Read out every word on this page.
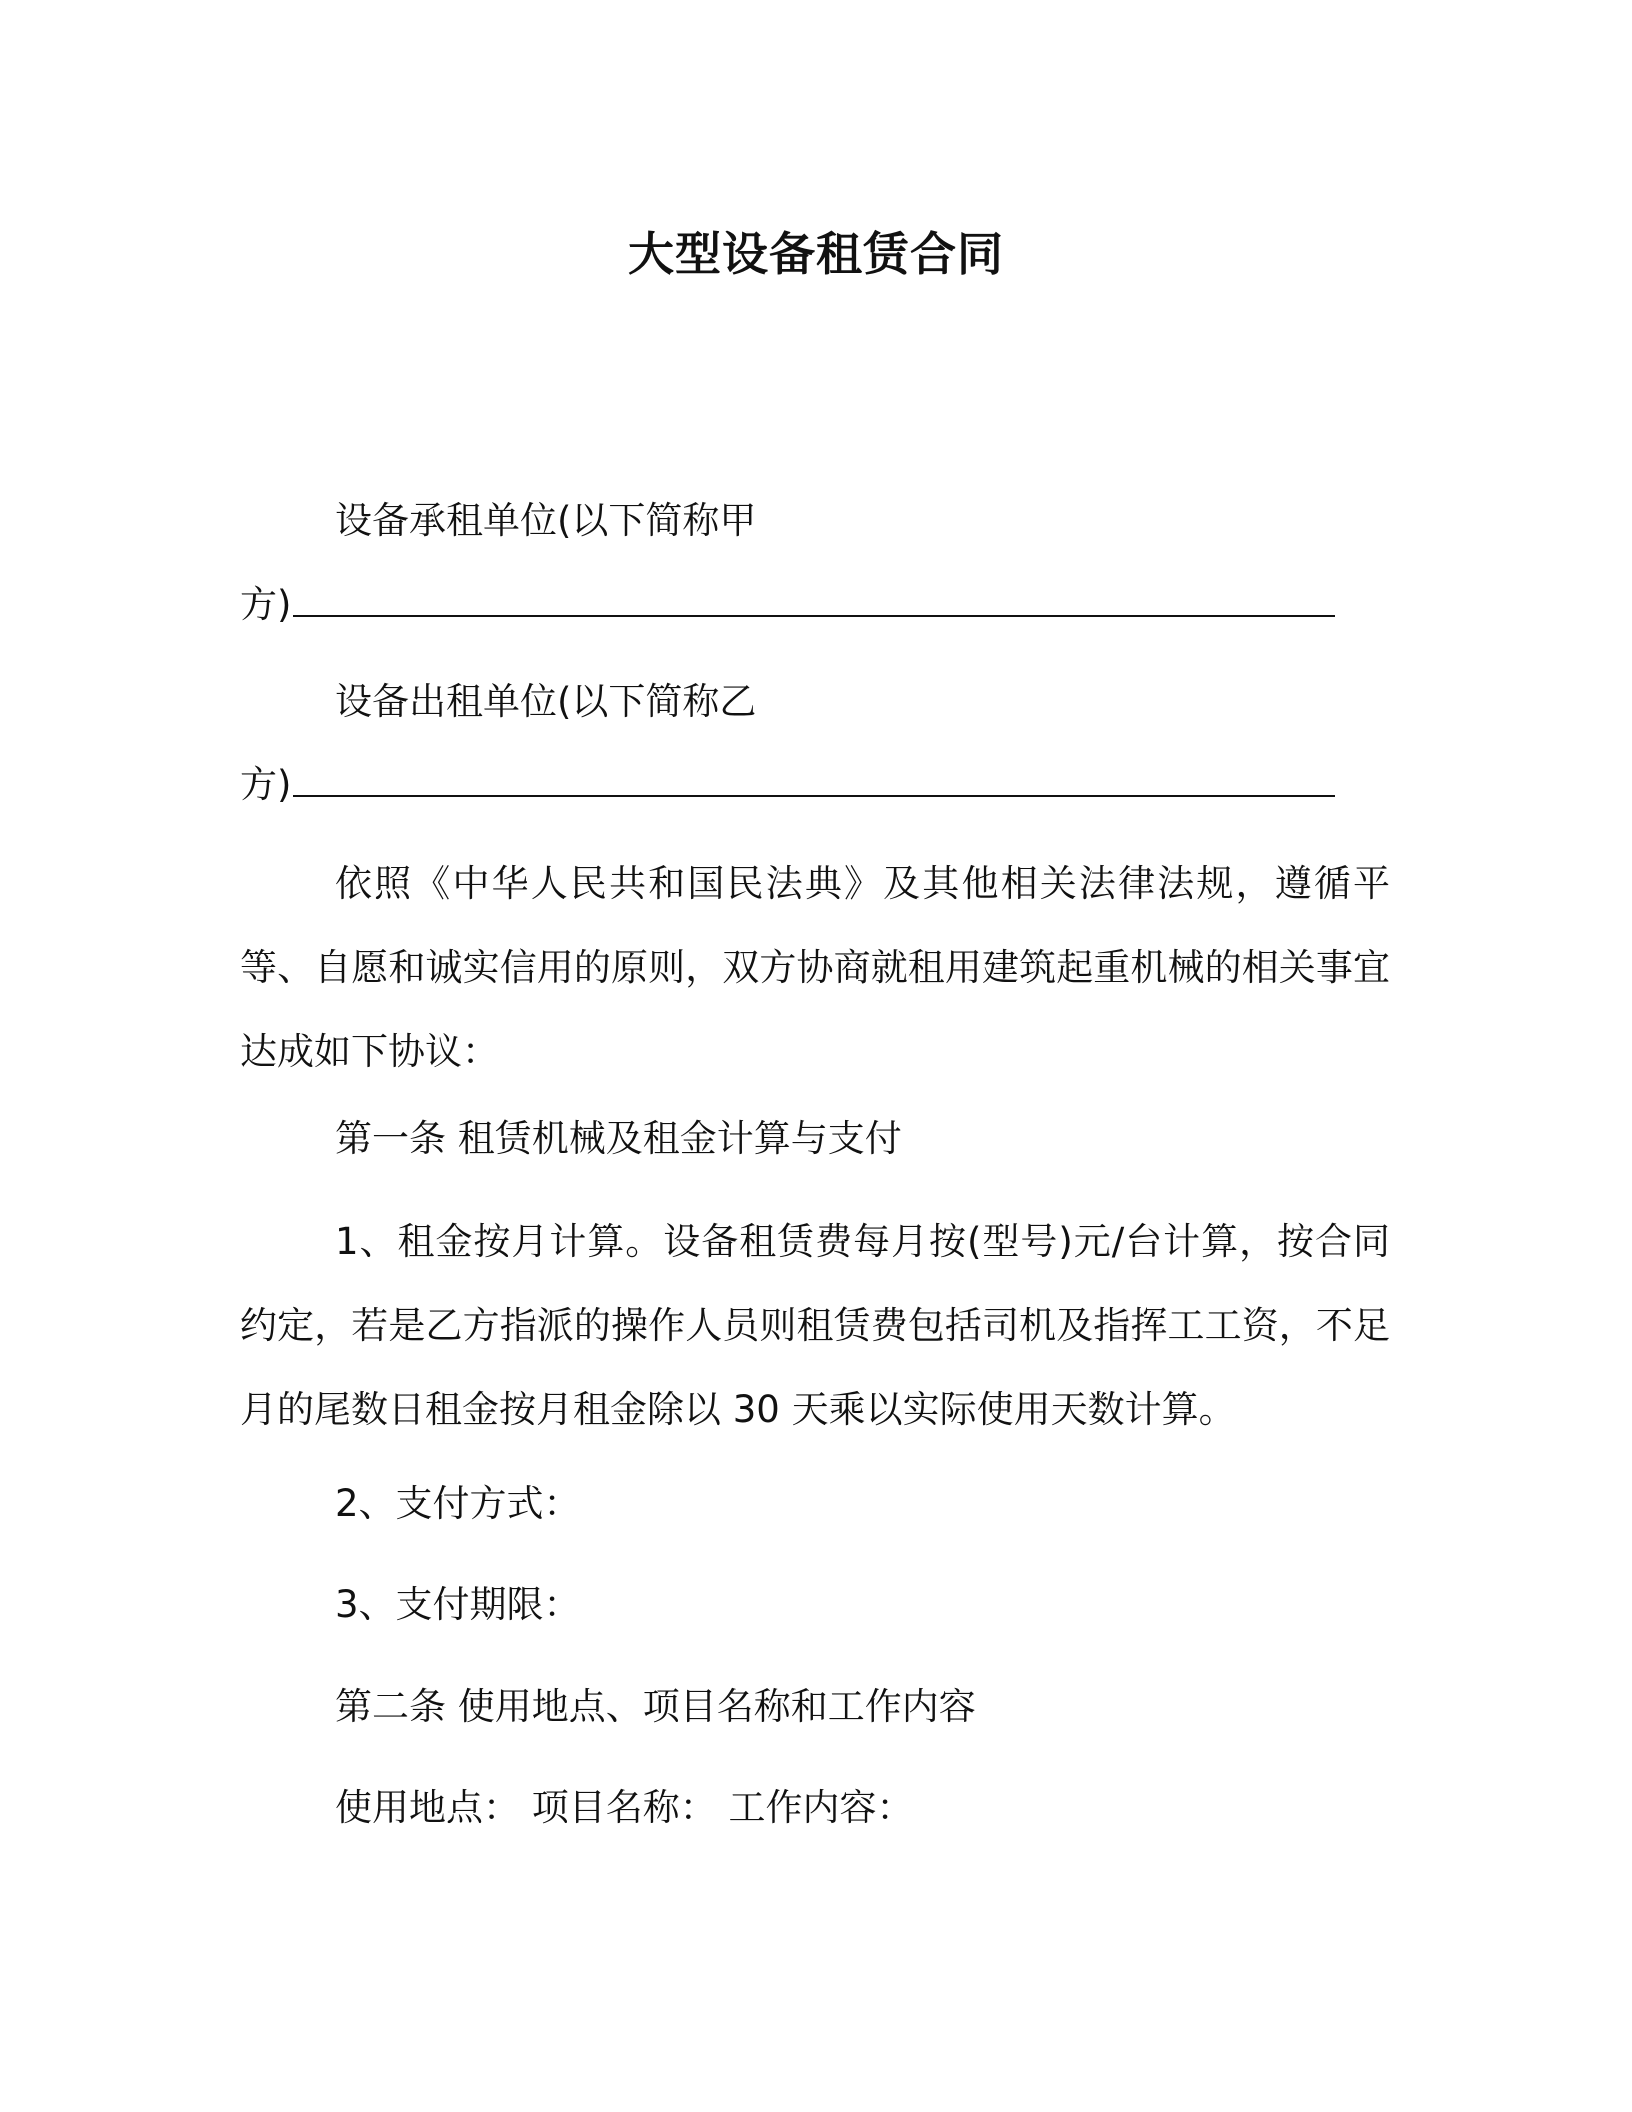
大型设备租赁合同

设备承租单位(以下简称甲

方)

设备出租单位(以下简称乙

方)

依照《中华人民共和国民法典》及其他相关法律法规，遵循平等、自愿和诚实信用的原则，双方协商就租用建筑起重机械的相关事宜达成如下协议：

第一条 租赁机械及租金计算与支付

1、租金按月计算。设备租赁费每月按(型号)元/台计算，按合同约定，若是乙方指派的操作人员则租赁费包括司机及指挥工工资，不足月的尾数日租金按月租金除以 30 天乘以实际使用天数计算。

2、支付方式：

3、支付期限：

第二条 使用地点、项目名称和工作内容

使用地点： 项目名称： 工作内容：
